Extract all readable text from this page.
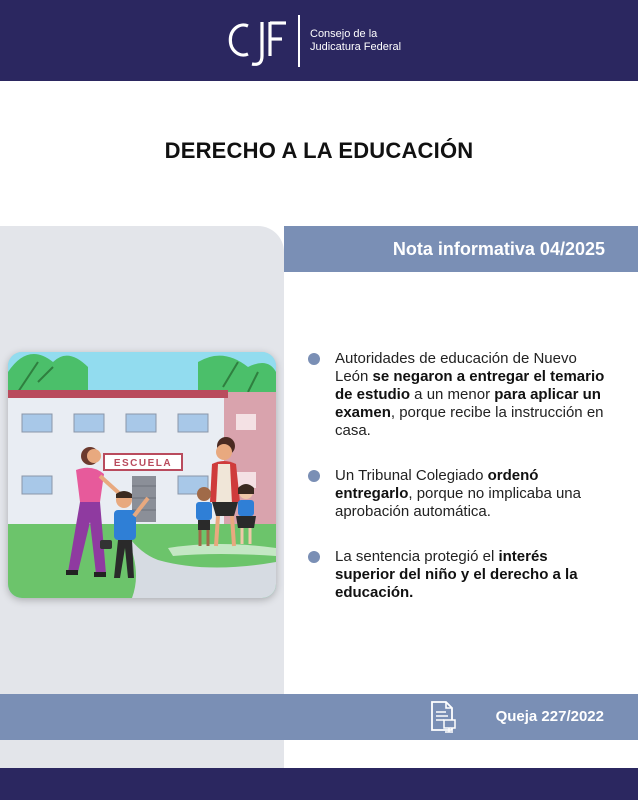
Consejo de la
Judicatura Federal
DERECHO A LA EDUCACIÓN
Nota informativa 04/2025
ESCUELA
Autoridades de educación de Nuevo León se negaron a entregar el temario de estudio a un menor para aplicar un examen, porque recibe la instrucción en casa.
Un Tribunal Colegiado ordenó entregarlo, porque no implicaba una aprobación automática.
La sentencia protegió el interés superior del niño y el derecho a la educación.
Queja 227/2022
